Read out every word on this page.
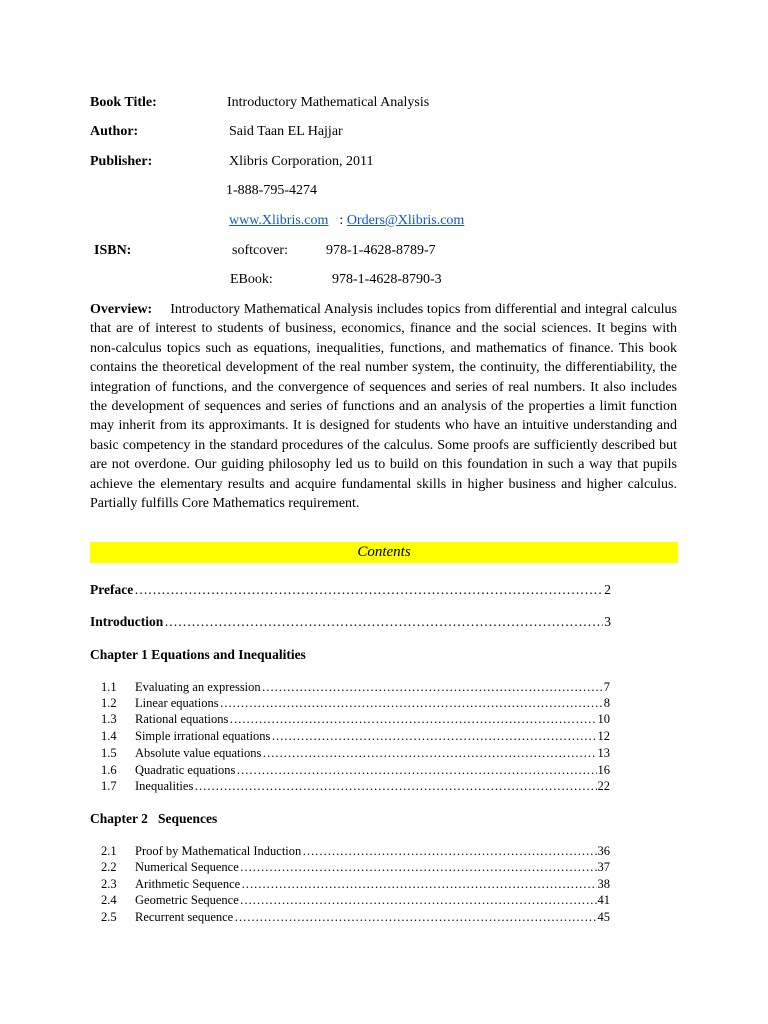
Book Title:	Introductory Mathematical Analysis
Author:	Said Taan EL Hajjar
Publisher:	Xlibris Corporation, 2011
1-888-795-4274
www.Xlibris.com : Orders@Xlibris.com
ISBN:	softcover:	978-1-4628-8789-7
EBook:	978-1-4628-8790-3
Overview: Introductory Mathematical Analysis includes topics from differential and integral calculus that are of interest to students of business, economics, finance and the social sciences. It begins with non-calculus topics such as equations, inequalities, functions, and mathematics of finance. This book contains the theoretical development of the real number system, the continuity, the differentiability, the integration of functions, and the convergence of sequences and series of real numbers. It also includes the development of sequences and series of functions and an analysis of the properties a limit function may inherit from its approximants. It is designed for students who have an intuitive understanding and basic competency in the standard procedures of the calculus. Some proofs are sufficiently described but are not overdone. Our guiding philosophy led us to build on this foundation in such a way that pupils achieve the elementary results and acquire fundamental skills in higher business and higher calculus. Partially fulfills Core Mathematics requirement.
Contents
Preface ……………………………………………………………………………………………………………………………………………………	2
Introduction ……………………………………………………………………………………………………………………………………………………	3
Chapter 1 Equations and Inequalities
1.1	Evaluating an expression ……………………………………………………………………………………………………………………………………………………	7
1.2	Linear equations ……………………………………………………………………………………………………………………………………………………	8
1.3	Rational equations ……………………………………………………………………………………………………………………………………………………	10
1.4	Simple irrational equations ……………………………………………………………………………………………………………………………………………………	12
1.5	Absolute value equations ……………………………………………………………………………………………………………………………………………………	13
1.6	Quadratic equations ……………………………………………………………………………………………………………………………………………………	16
1.7	Inequalities ……………………………………………………………………………………………………………………………………………………	22
Chapter 2   Sequences
2.1	Proof by Mathematical Induction ……………………………………………………………………………………………………………………………………………………	36
2.2	Numerical Sequence ……………………………………………………………………………………………………………………………………………………	37
2.3	Arithmetic Sequence ……………………………………………………………………………………………………………………………………………………	38
2.4	Geometric Sequence ……………………………………………………………………………………………………………………………………………………	41
2.5	Recurrent sequence ……………………………………………………………………………………………………………………………………………………	45
